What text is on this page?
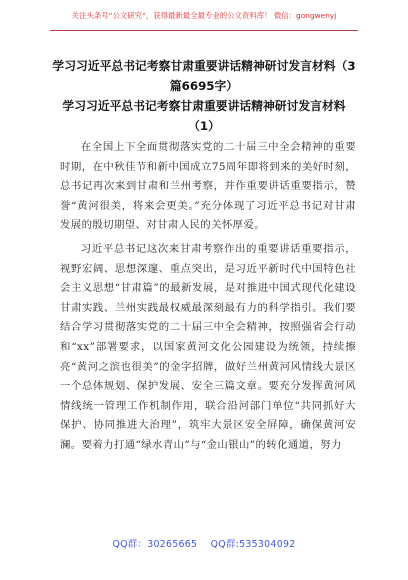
关注头条号“公文研究”，获得最新最全最专业的公文资料库！ 微信：gongwenyj
学习习近平总书记考察甘肃重要讲话精神研讨发言材料（3篇6695字）
学习习近平总书记考察甘肃重要讲话精神研讨发言材料（1）

在全国上下全面贯彻落实党的二十届三中全会精神的重要时期，在中秋佳节和新中国成立75周年即将到来的美好时刻，总书记再次来到甘肃和兰州考察，并作重要讲话重要指示，赞誉“黄河很美，将来会更美。”充分体现了习近平总书记对甘肃发展的殷切期望、对甘肃人民的关怀厚爱。

习近平总书记这次来甘肃考察作出的重要讲话重要指示，视野宏阔、思想深邃、重点突出，是习近平新时代中国特色社会主义思想“甘肃篇”的最新发展，是对推进中国式现代化建设甘肃实践、兰州实践最权威最深刻最有力的科学指引。我们要结合学习贯彻落实党的二十届三中全会精神，按照强省会行动和“xx”部署要求，以国家黄河文化公园建设为统领，持续擦亮“黄河之滨也很美”的金字招牌，做好兰州黄河风情线大景区一个总体规划、保护发展、安全三篇文章。要充分发挥黄河风情线统一管理工作机制作用，联合沿河部门单位“共同抓好大保护、协同推进大治理”，筑牢大景区安全屏障，确保黄河安澜。要着力打通“绿水青山”与“金山银山”的转化通道，努力

QQ群：30265665 QQ群:535304092
